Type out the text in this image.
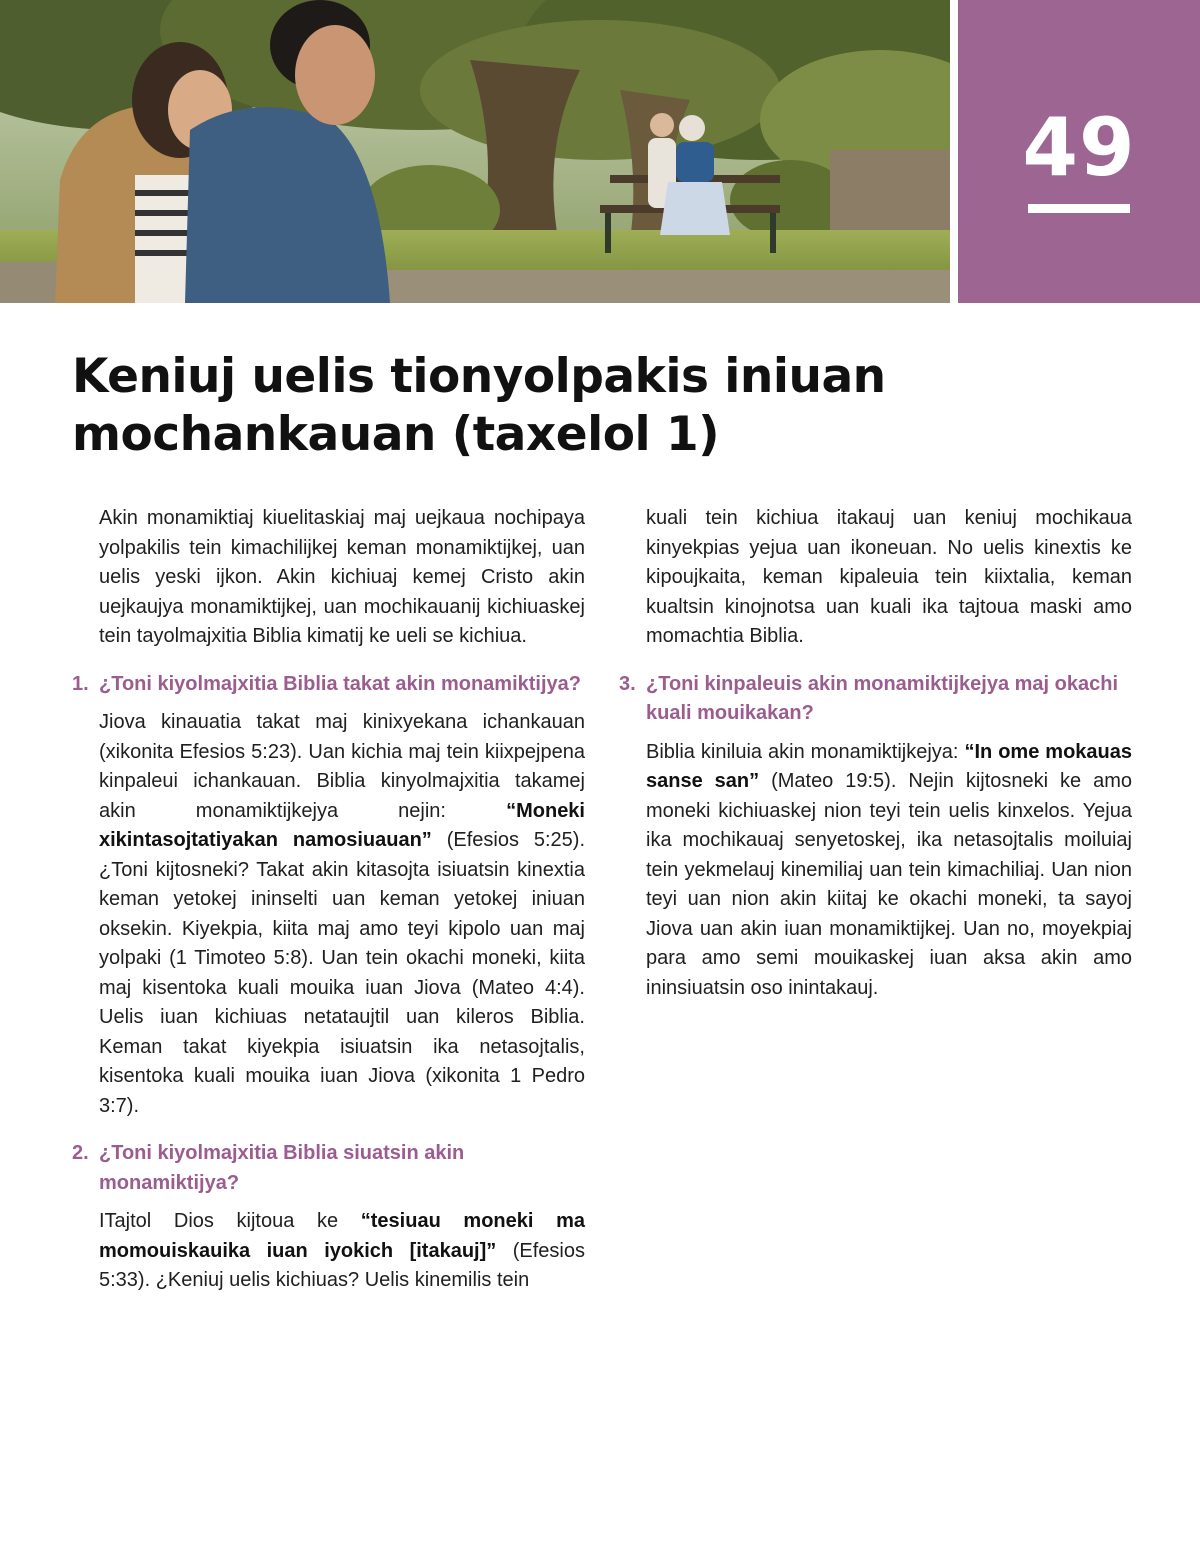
49
Keniuj uelis tionyolpakis iniuan
mochankauan (taxelol 1)

Akin monamiktiaj kiuelitaskiaj maj uejkaua nochipaya yolpakilis tein kimachilijkej keman monamiktijkej, uan uelis yeski ijkon. Akin kichiuaj kemej Cristo akin uejkaujya monamiktijkej, uan mochikauanij kichiuaskej tein tayolmajxitia Biblia kimatij ke ueli se kichiua.

1. ¿Toni kiyolmajxitia Biblia takat akin monamiktijya?

Jiova kinauatia takat maj kinixyekana ichankauan (xikonita Efesios 5:23). Uan kichia maj tein kiixpejpena kinpaleui ichankauan. Biblia kinyolmajxitia takamej akin monamiktijkejya nejin: “Moneki xikintasojtatiyakan namosiuauan” (Efesios 5:25). ¿Toni kijtosneki? Takat akin kitasojta isiuatsin kinextia keman yetokej ininselti uan keman yetokej iniuan oksekin. Kiyekpia, kiita maj amo teyi kipolo uan maj yolpaki (1 Timoteo 5:8). Uan tein okachi moneki, kiita maj kisentoka kuali mouika iuan Jiova (Mateo 4:4). Uelis iuan kichiuas netataujtil uan kileros Biblia. Keman takat kiyekpia isiuatsin ika netasojtalis, kisentoka kuali mouika iuan Jiova (xikonita 1 Pedro 3:7).

2. ¿Toni kiyolmajxitia Biblia siuatsin akin monamiktijya?

ITajtol Dios kijtoua ke “tesiuau moneki ma momouiskauika iuan iyokich [itakauj]” (Efesios 5:33). ¿Keniuj uelis kichiuas? Uelis kinemilis tein

kuali tein kichiua itakauj uan keniuj mochikaua kinyekpias yejua uan ikoneuan. No uelis kinextis ke kipoujkaita, keman kipaleuia tein kiixtalia, keman kualtsin kinojnotsa uan kuali ika tajtoua maski amo momachtia Biblia.

3. ¿Toni kinpaleuis akin monamiktijkejya maj okachi kuali mouikakan?

Biblia kiniluia akin monamiktijkejya: “In ome mokauas sanse san” (Mateo 19:5). Nejin kijtosneki ke amo moneki kichiuaskej nion teyi tein uelis kinxelos. Yejua ika mochikauaj senyetoskej, ika netasojtalis moiluiaj tein yekmelauj kinemiliaj uan tein kimachiliaj. Uan nion teyi uan nion akin kiitaj ke okachi moneki, ta sayoj Jiova uan akin iuan monamiktijkej. Uan no, moyekpiaj para amo semi mouikaskej iuan aksa akin amo ininsiuatsin oso inintakauj.
